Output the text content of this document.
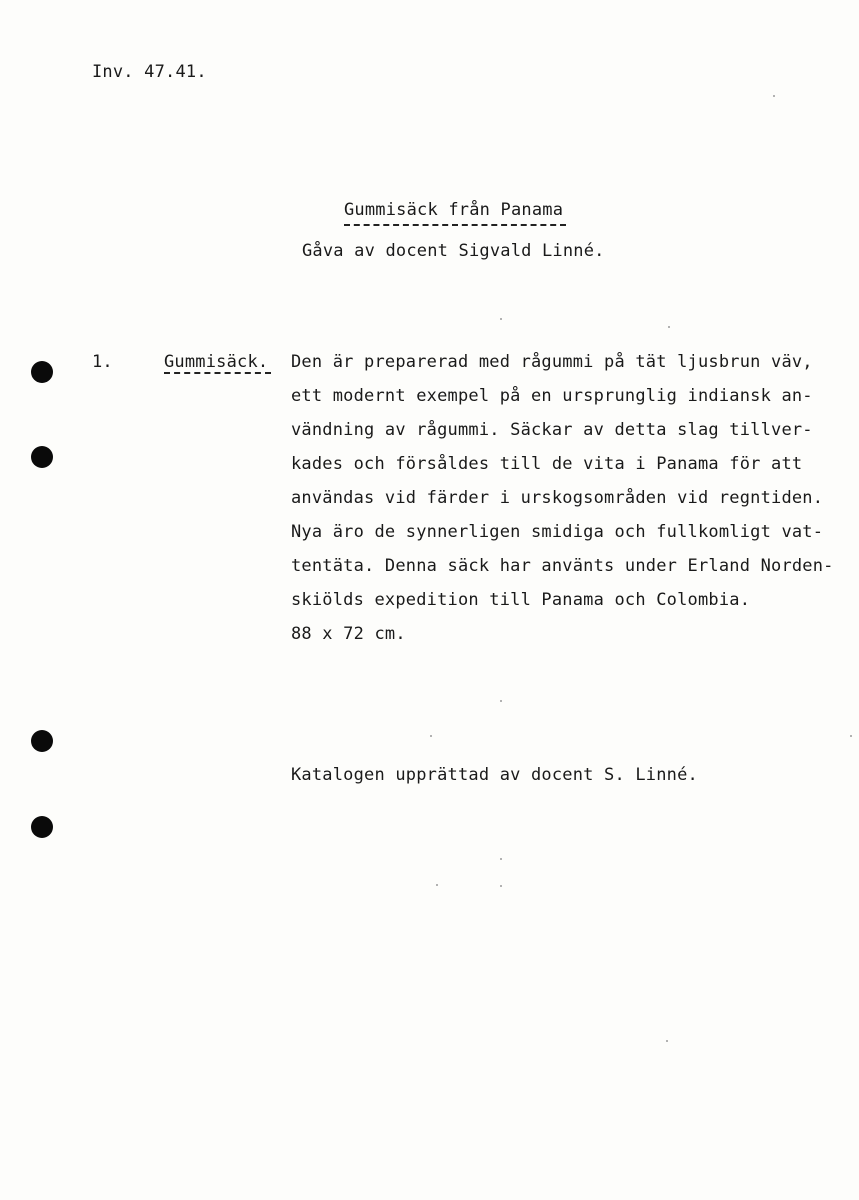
Inv. 47.41.
Gummisäck från Panama
Gåva av docent Sigvald Linné.
1.	Gummisäck. Den är preparerad med rågummi på tät ljusbrun väv,
ett modernt exempel på en ursprunglig indiansk an-
vändning av rågummi. Säckar av detta slag tillver-
kades och försåldes till de vita i Panama för att
användas vid färder i urskogsområden vid regntiden.
Nya äro de synnerligen smidiga och fullkomligt vat-
tentäta. Denna säck har använts under Erland Norden-
skiölds expedition till Panama och Colombia.
88 x 72 cm.
Katalogen upprättad av docent S. Linné.
